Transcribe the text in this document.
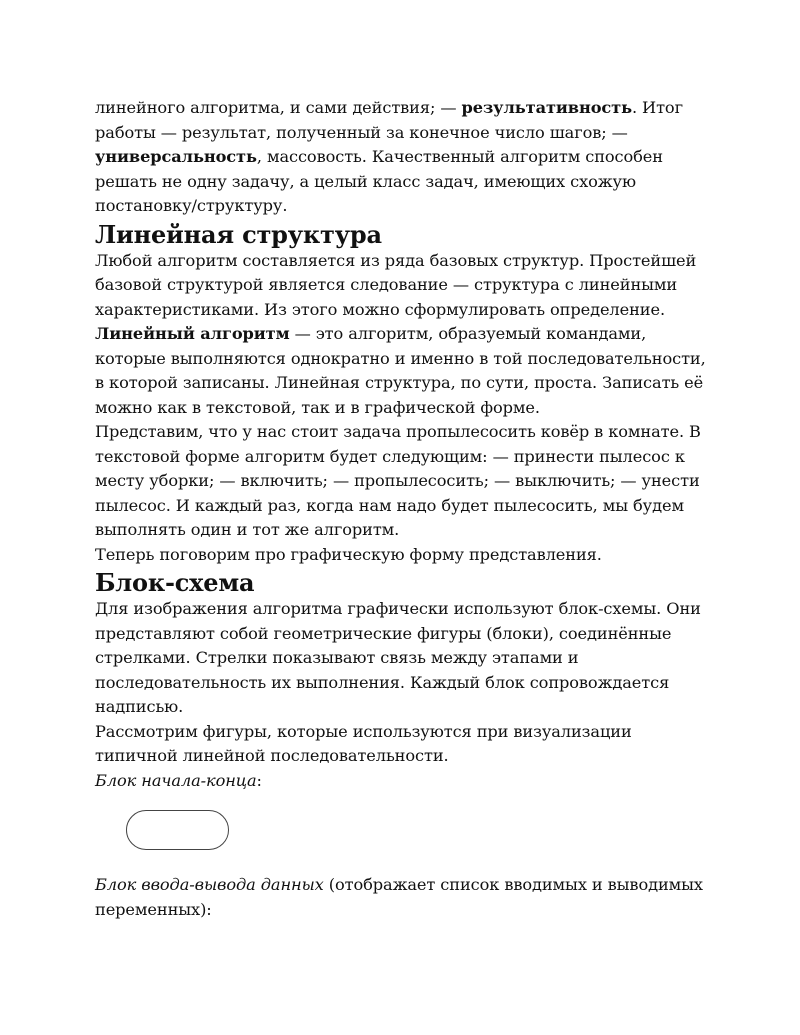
линейного алгоритма, и сами действия; — результативность. Итог работы — результат, полученный за конечное число шагов; — универсальность, массовость. Качественный алгоритм способен решать не одну задачу, а целый класс задач, имеющих схожую постановку/структуру.

Линейная структура

Любой алгоритм составляется из ряда базовых структур. Простейшей базовой структурой является следование — структура с линейными характеристиками. Из этого можно сформулировать определение.

Линейный алгоритм — это алгоритм, образуемый командами, которые выполняются однократно и именно в той последовательности, в которой записаны. Линейная структура, по сути, проста. Записать её можно как в текстовой, так и в графической форме.

Представим, что у нас стоит задача пропылесосить ковёр в комнате. В текстовой форме алгоритм будет следующим: — принести пылесос к месту уборки; — включить; — пропылесосить; — выключить; — унести пылесос. И каждый раз, когда нам надо будет пылесосить, мы будем выполнять один и тот же алгоритм.

Теперь поговорим про графическую форму представления.

Блок-схема

Для изображения алгоритма графически используют блок-схемы. Они представляют собой геометрические фигуры (блоки), соединённые стрелками. Стрелки показывают связь между этапами и последовательность их выполнения. Каждый блок сопровождается надписью.

Рассмотрим фигуры, которые используются при визуализации типичной линейной последовательности.

Блок начала-конца:

Блок ввода-вывода данных (отображает список вводимых и выводимых переменных):
